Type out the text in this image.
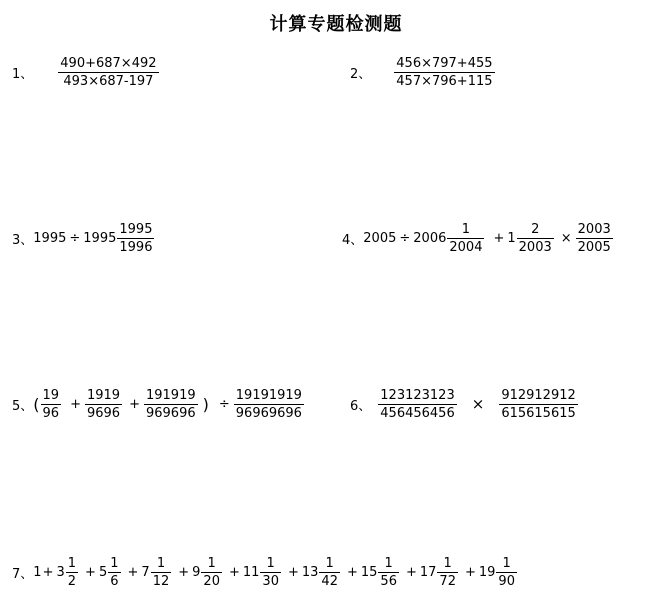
计算专题检测题
1、 $\frac{490+687\times 492}{493\times 687-197}$	2、 $\frac{456\times 797+455}{457\times 796+115}$
3、 $1995 \div 1995 \frac{1995}{1996}$	4、 $2005 \div 2006 \frac{1}{2004} + 1 \frac{2}{2003} \times \frac{2003}{2005}$
5、 ( $\frac{19}{96} + \frac{1919}{9696} + \frac{191919}{969696}$ ) ÷ $\frac{19191919}{96969696}$	6、 $\frac{123123123}{456456456} \times \frac{912912912}{615615615}$
7、 $1 + 3 \frac{1}{2} + 5 \frac{1}{6} + 7 \frac{1}{12} + 9 \frac{1}{20} + 11 \frac{1}{30} + 13 \frac{1}{42} + 15 \frac{1}{56} + 17 \frac{1}{72} + 19 \frac{1}{90}$
